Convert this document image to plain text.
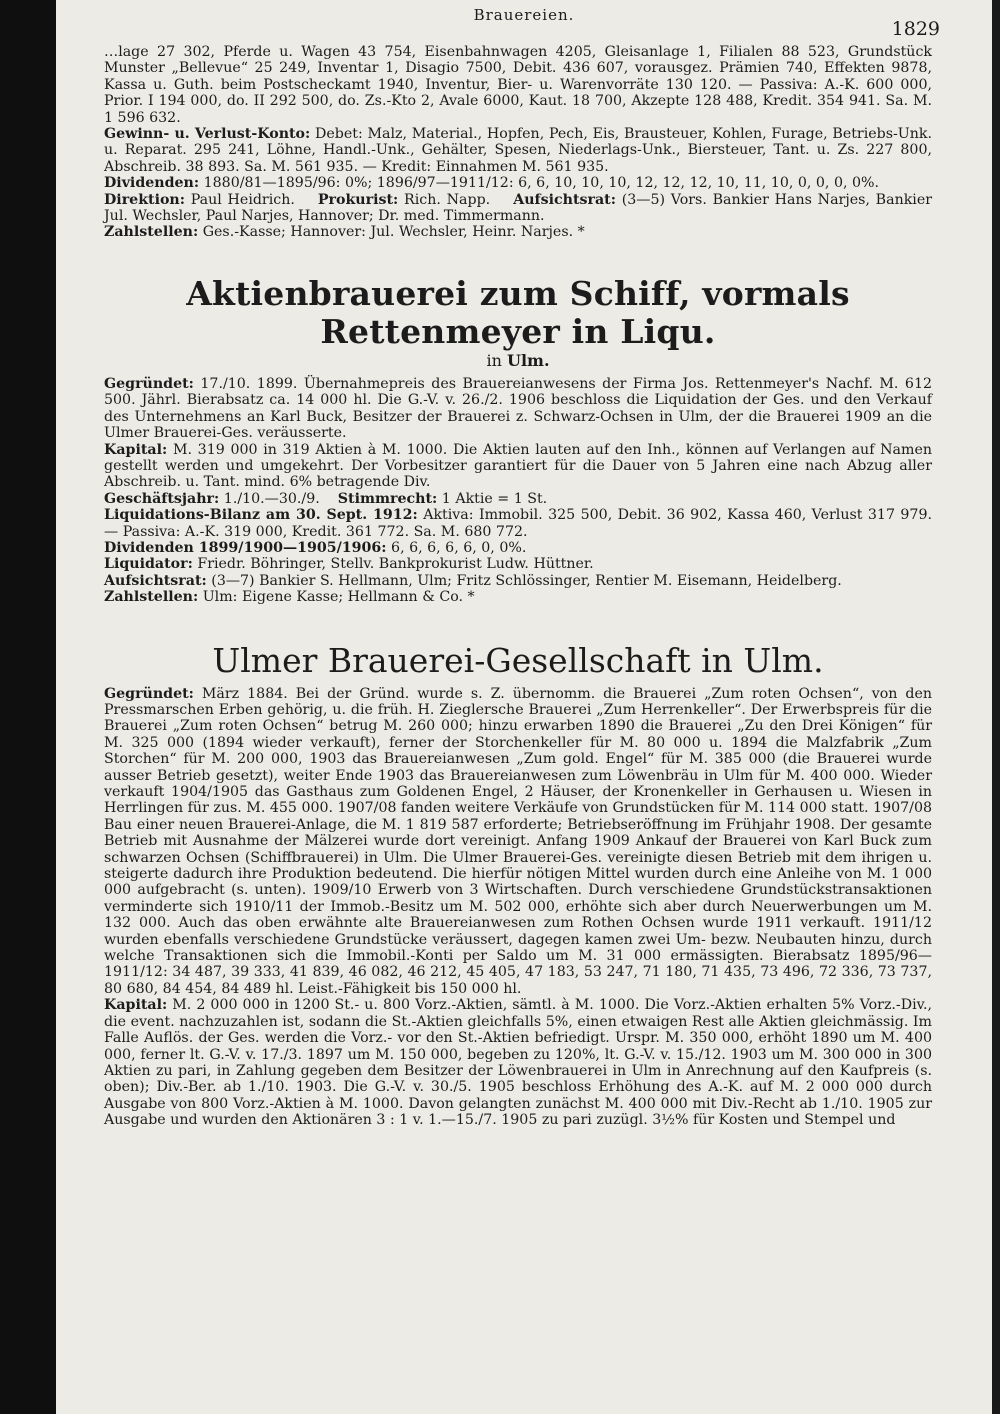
Brauereien.
1829

…lage 27 302, Pferde u. Wagen 43 754, Eisenbahnwagen 4205, Gleisanlage 1, Filialen 88 523, Grundstück Munster „Bellevue“ 25 249, Inventar 1, Disagio 7500, Debit. 436 607, vorausgez. Prämien 740, Effekten 9878, Kassa u. Guth. beim Postscheckamt 1940, Inventur, Bier- u. Warenvorräte 130 120. — Passiva: A.-K. 600 000, Prior. I 194 000, do. II 292 500, do. Zs.-Kto 2, Avale 6000, Kaut. 18 700, Akzepte 128 488, Kredit. 354 941. Sa. M. 1 596 632.

Gewinn- u. Verlust-Konto: Debet: Malz, Material., Hopfen, Pech, Eis, Brausteuer, Kohlen, Furage, Betriebs-Unk. u. Reparat. 295 241, Löhne, Handl.-Unk., Gehälter, Spesen, Niederlags-Unk., Biersteuer, Tant. u. Zs. 227 800, Abschreib. 38 893. Sa. M. 561 935. — Kredit: Einnahmen M. 561 935.

Dividenden: 1880/81—1895/96: 0%; 1896/97—1911/12: 6, 6, 10, 10, 10, 12, 12, 12, 10, 11, 10, 0, 0, 0, 0%.

Direktion: Paul Heidrich. Prokurist: Rich. Napp. Aufsichtsrat: (3—5) Vors. Bankier Hans Narjes, Bankier Jul. Wechsler, Paul Narjes, Hannover; Dr. med. Timmermann.

Zahlstellen: Ges.-Kasse; Hannover: Jul. Wechsler, Heinr. Narjes. *

Aktienbrauerei zum Schiff, vormals Rettenmeyer in Liqu.
in Ulm.

Gegründet: 17./10. 1899. Übernahmepreis des Brauereianwesens der Firma Jos. Rettenmeyer's Nachf. M. 612 500. Jährl. Bierabsatz ca. 14 000 hl. Die G.-V. v. 26./2. 1906 beschloss die Liquidation der Ges. und den Verkauf des Unternehmens an Karl Buck, Besitzer der Brauerei z. Schwarz-Ochsen in Ulm, der die Brauerei 1909 an die Ulmer Brauerei-Ges. veräusserte.

Kapital: M. 319 000 in 319 Aktien à M. 1000. Die Aktien lauten auf den Inh., können auf Verlangen auf Namen gestellt werden und umgekehrt. Der Vorbesitzer garantiert für die Dauer von 5 Jahren eine nach Abzug aller Abschreib. u. Tant. mind. 6% betragende Div.

Geschäftsjahr: 1./10.—30./9. Stimmrecht: 1 Aktie = 1 St.

Liquidations-Bilanz am 30. Sept. 1912: Aktiva: Immobil. 325 500, Debit. 36 902, Kassa 460, Verlust 317 979. — Passiva: A.-K. 319 000, Kredit. 361 772. Sa. M. 680 772.

Dividenden 1899/1900—1905/1906: 6, 6, 6, 6, 6, 0, 0%.

Liquidator: Friedr. Böhringer, Stellv. Bankprokurist Ludw. Hüttner.

Aufsichtsrat: (3—7) Bankier S. Hellmann, Ulm; Fritz Schlössinger, Rentier M. Eisemann, Heidelberg.

Zahlstellen: Ulm: Eigene Kasse; Hellmann & Co. *

Ulmer Brauerei-Gesellschaft in Ulm.

Gegründet: März 1884. Bei der Gründ. wurde s. Z. übernomm. die Brauerei „Zum roten Ochsen“, von den Pressmarschen Erben gehörig, u. die früh. H. Zieglersche Brauerei „Zum Herrenkeller“. Der Erwerbspreis für die Brauerei „Zum roten Ochsen“ betrug M. 260 000; hinzu erwarben 1890 die Brauerei „Zu den Drei Königen“ für M. 325 000 (1894 wieder verkauft), ferner der Storchenkeller für M. 80 000 u. 1894 die Malzfabrik „Zum Storchen“ für M. 200 000, 1903 das Brauereianwesen „Zum gold. Engel“ für M. 385 000 (die Brauerei wurde ausser Betrieb gesetzt), weiter Ende 1903 das Brauereianwesen zum Löwenbräu in Ulm für M. 400 000. Wieder verkauft 1904/1905 das Gasthaus zum Goldenen Engel, 2 Häuser, der Kronenkeller in Gerhausen u. Wiesen in Herrlingen für zus. M. 455 000. 1907/08 fanden weitere Verkäufe von Grundstücken für M. 114 000 statt. 1907/08 Bau einer neuen Brauerei-Anlage, die M. 1 819 587 erforderte; Betriebseröffnung im Frühjahr 1908. Der gesamte Betrieb mit Ausnahme der Mälzerei wurde dort vereinigt. Anfang 1909 Ankauf der Brauerei von Karl Buck zum schwarzen Ochsen (Schiffbrauerei) in Ulm. Die Ulmer Brauerei-Ges. vereinigte diesen Betrieb mit dem ihrigen u. steigerte dadurch ihre Produktion bedeutend. Die hierfür nötigen Mittel wurden durch eine Anleihe von M. 1 000 000 aufgebracht (s. unten). 1909/10 Erwerb von 3 Wirtschaften. Durch verschiedene Grundstückstransaktionen verminderte sich 1910/11 der Immob.-Besitz um M. 502 000, erhöhte sich aber durch Neuerwerbungen um M. 132 000. Auch das oben erwähnte alte Brauereianwesen zum Rothen Ochsen wurde 1911 verkauft. 1911/12 wurden ebenfalls verschiedene Grundstücke veräussert, dagegen kamen zwei Um- bezw. Neubauten hinzu, durch welche Transaktionen sich die Immobil.-Konti per Saldo um M. 31 000 ermässigten. Bierabsatz 1895/96—1911/12: 34 487, 39 333, 41 839, 46 082, 46 212, 45 405, 47 183, 53 247, 71 180, 71 435, 73 496, 72 336, 73 737, 80 680, 84 454, 84 489 hl. Leist.-Fähigkeit bis 150 000 hl.

Kapital: M. 2 000 000 in 1200 St.- u. 800 Vorz.-Aktien, sämtl. à M. 1000. Die Vorz.-Aktien erhalten 5% Vorz.-Div., die event. nachzuzahlen ist, sodann die St.-Aktien gleichfalls 5%, einen etwaigen Rest alle Aktien gleichmässig. Im Falle Auflös. der Ges. werden die Vorz.- vor den St.-Aktien befriedigt. Urspr. M. 350 000, erhöht 1890 um M. 400 000, ferner lt. G.-V. v. 17./3. 1897 um M. 150 000, begeben zu 120%, lt. G.-V. v. 15./12. 1903 um M. 300 000 in 300 Aktien zu pari, in Zahlung gegeben dem Besitzer der Löwenbrauerei in Ulm in Anrechnung auf den Kaufpreis (s. oben); Div.-Ber. ab 1./10. 1903. Die G.-V. v. 30./5. 1905 beschloss Erhöhung des A.-K. auf M. 2 000 000 durch Ausgabe von 800 Vorz.-Aktien à M. 1000. Davon gelangten zunächst M. 400 000 mit Div.-Recht ab 1./10. 1905 zur Ausgabe und wurden den Aktionären 3 : 1 v. 1.—15./7. 1905 zu pari zuzügl. 3½% für Kosten und Stempel und
